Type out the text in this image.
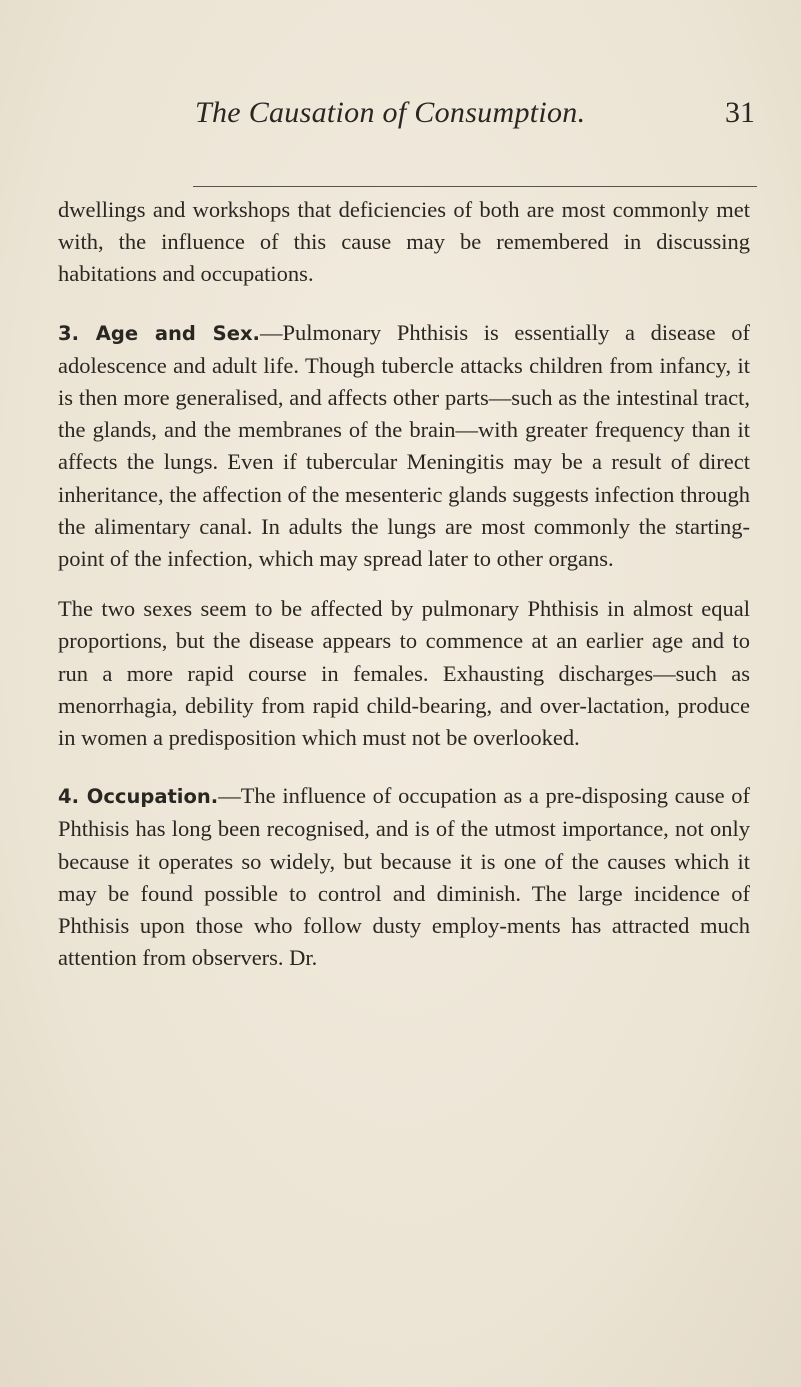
The Causation of Consumption.	31

dwellings and workshops that deficiencies of both are most commonly met with, the influence of this cause may be remembered in discussing habitations and occupations.

3. Age and Sex.—Pulmonary Phthisis is essentially a disease of adolescence and adult life. Though tubercle attacks children from infancy, it is then more generalised, and affects other parts—such as the intestinal tract, the glands, and the membranes of the brain—with greater frequency than it affects the lungs. Even if tubercular Meningitis may be a result of direct inheritance, the affection of the mesenteric glands suggests infection through the alimentary canal. In adults the lungs are most commonly the starting-point of the infection, which may spread later to other organs.

The two sexes seem to be affected by pulmonary Phthisis in almost equal proportions, but the disease appears to commence at an earlier age and to run a more rapid course in females. Exhausting discharges—such as menorrhagia, debility from rapid child-bearing, and over-lactation, produce in women a predisposition which must not be overlooked.

4. Occupation.—The influence of occupation as a pre-disposing cause of Phthisis has long been recognised, and is of the utmost importance, not only because it operates so widely, but because it is one of the causes which it may be found possible to control and diminish. The large incidence of Phthisis upon those who follow dusty employ-ments has attracted much attention from observers. Dr.
